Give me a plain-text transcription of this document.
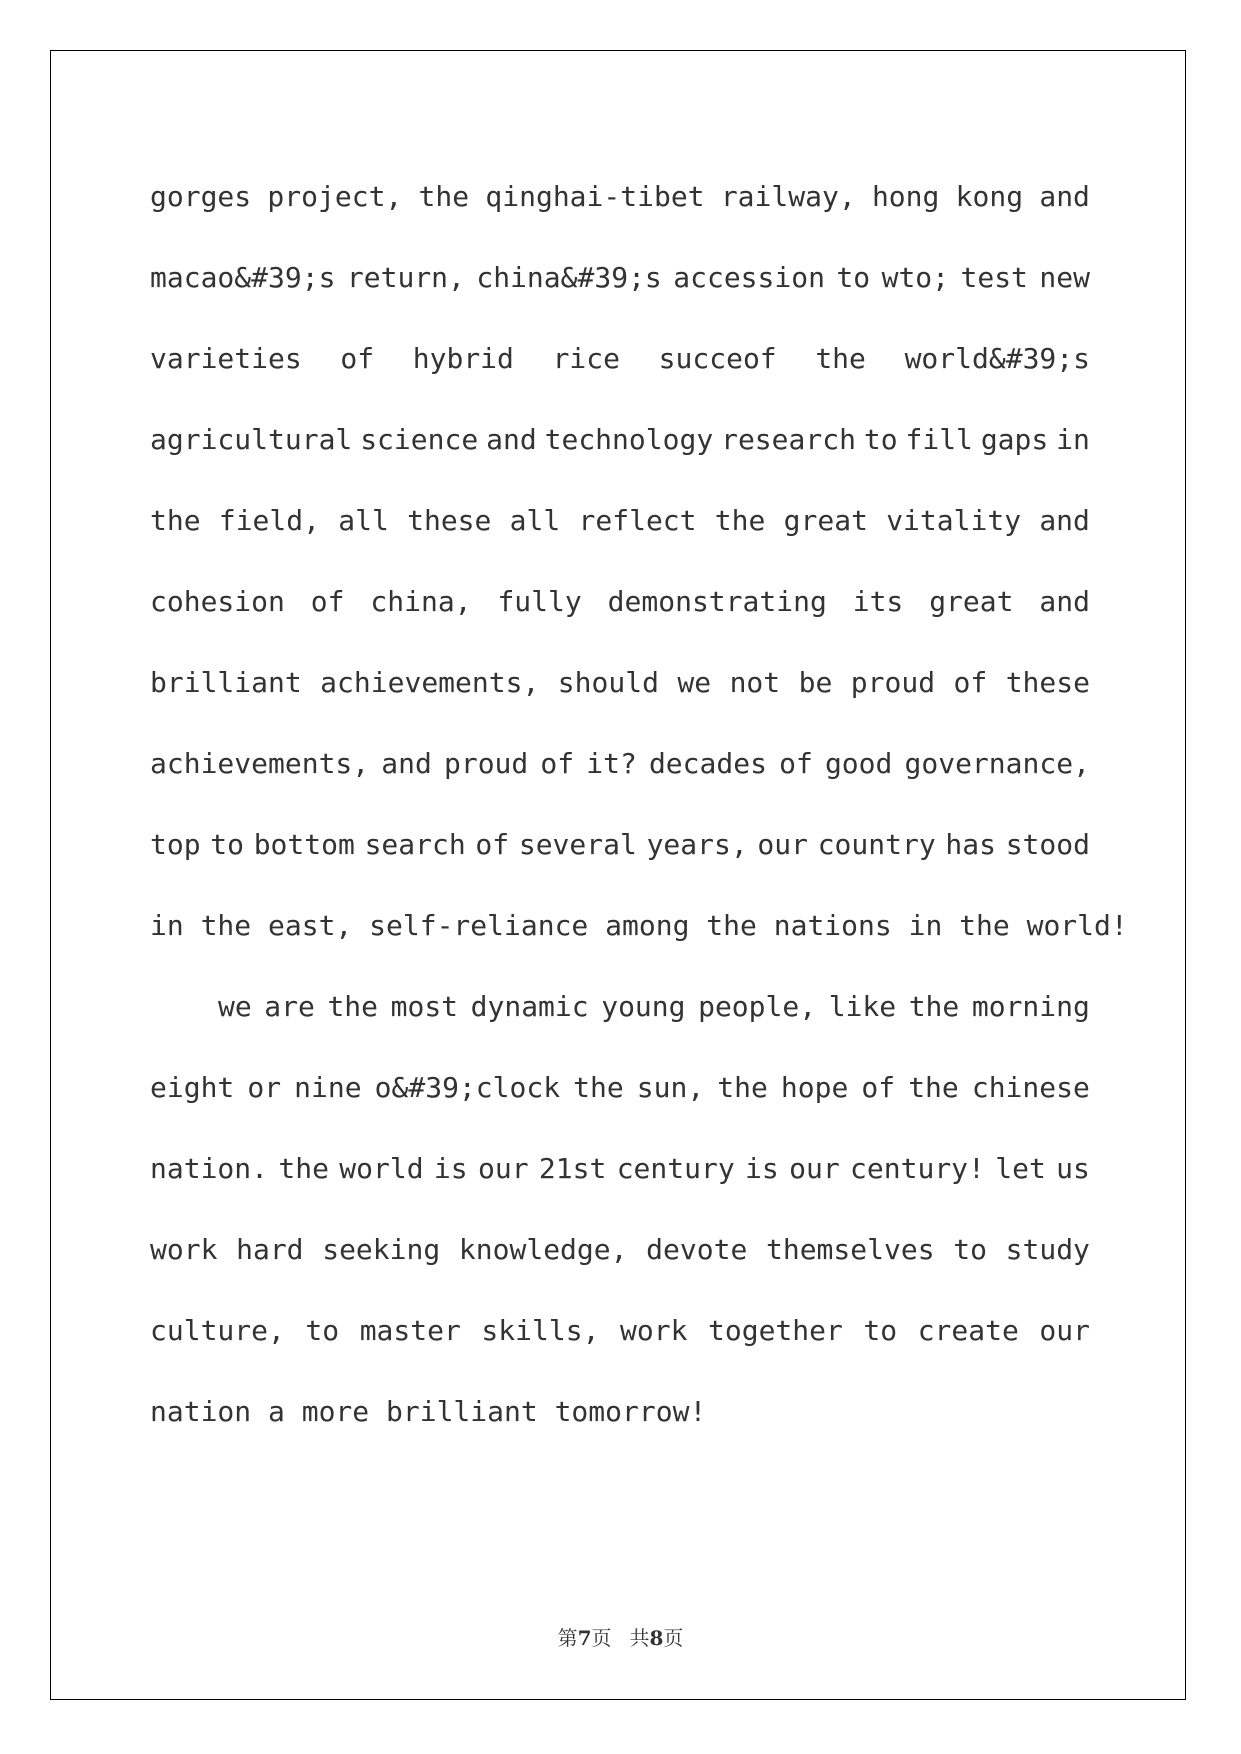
gorges project, the qinghai-tibet railway, hong kong and
macao&#39;s return, china&#39;s accession to wto; test new
varieties of hybrid rice succeof the world&#39;s
agricultural science and technology research to fill gaps in
the field, all these all reflect the great vitality and
cohesion of china, fully demonstrating its great and
brilliant achievements, should we not be proud of these
achievements, and proud of it? decades of good governance,
top to bottom search of several years, our country has stood
in the east, self-reliance among the nations in the world!
we are the most dynamic young people, like the morning
eight or nine o&#39;clock the sun, the hope of the chinese
nation. the world is our 21st century is our century! let us
work hard seeking knowledge, devote themselves to study
culture, to master skills, work together to create our
nation a more brilliant tomorrow!
第7页 共8页
